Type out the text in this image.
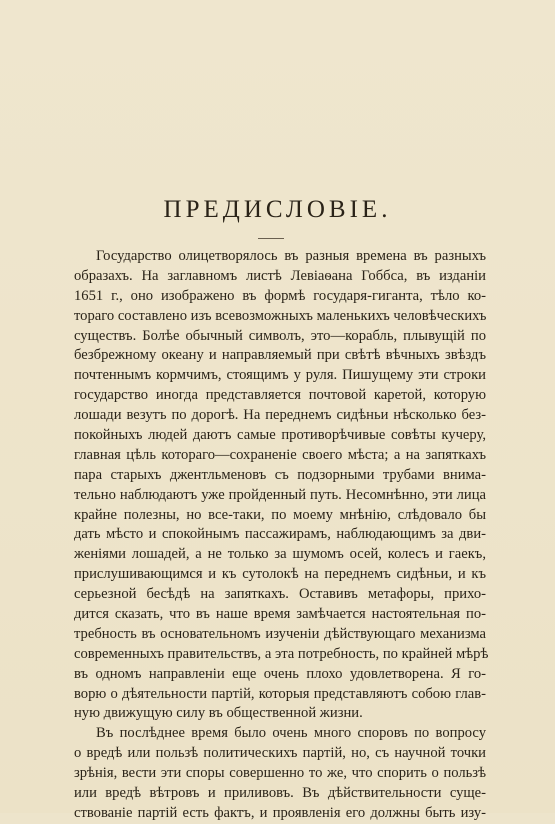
ПРЕДИСЛОВІЕ.
Государство олицетворялось въ разныя времена въ разныхъ
образахъ. На заглавномъ листѣ Левіаѳана Гоббса, въ изданіи
1651 г., оно изображено въ формѣ государя-гиганта, тѣло ко-
тораго составлено изъ всевозможныхъ маленькихъ человѣческихъ
существъ. Болѣе обычный символъ, это—корабль, плывущій по
безбрежному океану и направляемый при свѣтѣ вѣчныхъ звѣздъ
почтеннымъ кормчимъ, стоящимъ у руля. Пишущему эти строки
государство иногда представляется почтовой каретой, которую
лошади везутъ по дорогѣ. На переднемъ сидѣньи нѣсколько без-
покойныхъ людей даютъ самые противорѣчивые совѣты кучеру,
главная цѣль котораго—сохраненіе своего мѣста; а на запяткахъ
пара старыхъ джентльменовъ съ подзорными трубами внима-
тельно наблюдаютъ уже пройденный путь. Несомнѣнно, эти лица
крайне полезны, но все-таки, по моему мнѣнію, слѣдовало бы
дать мѣсто и спокойнымъ пассажирамъ, наблюдающимъ за дви-
женіями лошадей, а не только за шумомъ осей, колесъ и гаекъ,
прислушивающимся и къ сутолокѣ на переднемъ сидѣньи, и къ
серьезной бесѣдѣ на запяткахъ. Оставивъ метафоры, прихо-
дится сказать, что въ наше время замѣчается настоятельная по-
требность въ основательномъ изученіи дѣйствующаго механизма
современныхъ правительствъ, а эта потребность, по крайней мѣрѣ
въ одномъ направленіи еще очень плохо удовлетворена. Я го-
ворю о дѣятельности партій, которыя представляютъ собою глав-
ную движущую силу въ общественной жизни.
Въ послѣднее время было очень много споровъ по вопросу
о вредѣ или пользѣ политическихъ партій, но, съ научной точки
зрѣнія, вести эти споры совершенно то же, что спорить о пользѣ
или вредѣ вѣтровъ и приливовъ. Въ дѣйствительности суще-
ствованіе партій есть фактъ, и проявленія его должны быть изу-
